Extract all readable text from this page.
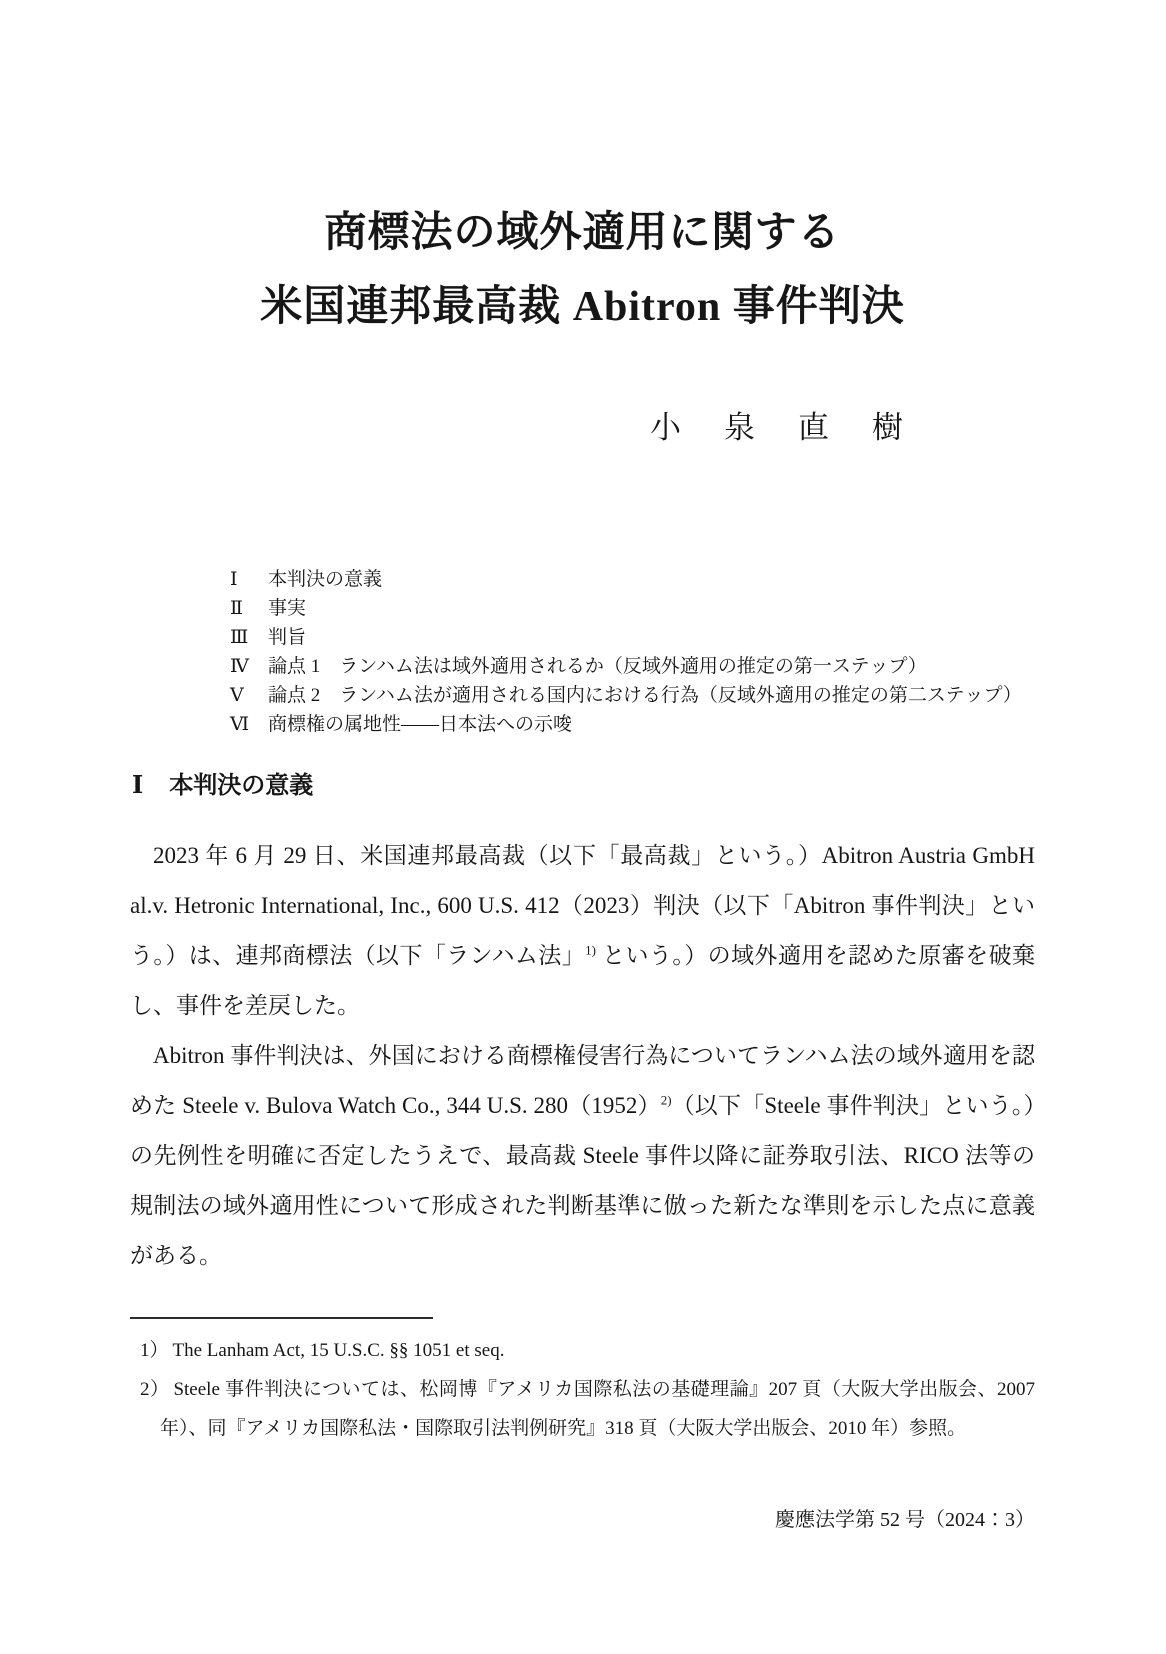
商標法の域外適用に関する
米国連邦最高裁 Abitron 事件判決
小　泉　直　樹
Ⅰ	本判決の意義
Ⅱ	事実
Ⅲ	判旨
Ⅳ	論点 1　ランハム法は域外適用されるか（反域外適用の推定の第一ステップ）
Ⅴ	論点 2　ランハム法が適用される国内における行為（反域外適用の推定の第二ステップ）
Ⅵ 商標権の属地性——日本法への示唆
Ⅰ 本判決の意義

2023 年 6 月 29 日、米国連邦最高裁（以下「最高裁」という。）Abitron Austria GmbH al.v. Hetronic International, Inc., 600 U.S. 412（2023）判決（以下「Abitron 事件判決」という。）は、連邦商標法（以下「ランハム法」$^{1)}$ という。）の域外適用を認めた原審を破棄し、事件を差戻した。

Abitron 事件判決は、外国における商標権侵害行為についてランハム法の域外適用を認めた Steele v. Bulova Watch Co., 344 U.S. $280(1952)^{2)}$（以下「Steele 事件判決」という。）の先例性を明確に否定したうえで、最高裁 Steele 事件以降に証券取引法、RICO 法等の規制法の域外適用性について形成された判断基準に倣った新たな準則を示した点に意義がある。

1） The Lanham Act, 15 U.S.C. §§ 1051 et seq.

2） Steele 事件判決については、松岡博『アメリカ国際私法の基礎理論』207 頁（大阪大学出版会、2007 年）、同『アメリカ国際私法・国際取引法判例研究』318 頁（大阪大学出版会、2010 年）参照。

慶應法学第 52 号（2024：3）
